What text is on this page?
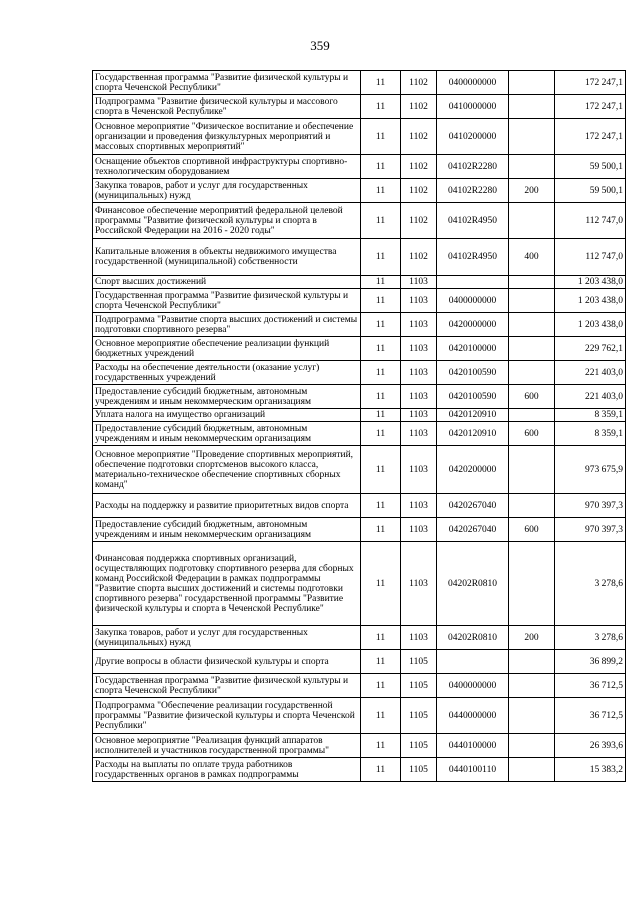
359
Государственная программа "Развитие физической культуры и спорта Чеченской Республики"	11	1102	0400000000		172 247,1
Подпрограмма "Развитие физической культуры и массового спорта в Чеченской Республике"	11	1102	0410000000		172 247,1
Основное мероприятие "Физическое воспитание и обеспечение организации и проведения физкультурных мероприятий и массовых спортивных мероприятий"	11	1102	0410200000		172 247,1
Оснащение объектов спортивной инфраструктуры спортивно-технологическим оборудованием	11	1102	04102R2280		59 500,1
Закупка товаров, работ и услуг для государственных (муниципальных) нужд	11	1102	04102R2280	200	59 500,1
Финансовое обеспечение мероприятий федеральной целевой программы "Развитие физической культуры и спорта в Российской Федерации на 2016 - 2020 годы"	11	1102	04102R4950		112 747,0
Капитальные вложения в объекты недвижимого имущества государственной (муниципальной) собственности	11	1102	04102R4950	400	112 747,0
Спорт высших достижений	11	1103			1 203 438,0
Государственная программа "Развитие физической культуры и спорта Чеченской Республики"	11	1103	0400000000		1 203 438,0
Подпрограмма "Развитие спорта высших достижений и системы подготовки спортивного резерва"	11	1103	0420000000		1 203 438,0
Основное мероприятие обеспечение реализации функций бюджетных учреждений	11	1103	0420100000		229 762,1
Расходы на обеспечение деятельности (оказание услуг) государственных учреждений	11	1103	0420100590		221 403,0
Предоставление субсидий бюджетным, автономным учреждениям и иным некоммерческим организациям	11	1103	0420100590	600	221 403,0
Уплата налога на имущество организаций	11	1103	0420120910		8 359,1
Предоставление субсидий бюджетным, автономным учреждениям и иным некоммерческим организациям	11	1103	0420120910	600	8 359,1
Основное мероприятие "Проведение спортивных мероприятий, обеспечение подготовки спортсменов высокого класса, материально-техническое обеспечение спортивных сборных команд"	11	1103	0420200000		973 675,9
Расходы на поддержку и развитие приоритетных видов спорта	11	1103	0420267040		970 397,3
Предоставление субсидий бюджетным, автономным учреждениям и иным некоммерческим организациям	11	1103	0420267040	600	970 397,3
Финансовая поддержка спортивных организаций, осуществляющих подготовку спортивного резерва для сборных команд Российской Федерации в рамках подпрограммы "Развитие спорта высших достижений и системы подготовки спортивного резерва" государственной программы "Развитие физической культуры и спорта в Чеченской Республике"	11	1103	04202R0810		3 278,6
Закупка товаров, работ и услуг для государственных (муниципальных) нужд	11	1103	04202R0810	200	3 278,6
Другие вопросы в области физической культуры и спорта	11	1105			36 899,2
Государственная программа "Развитие физической культуры и спорта Чеченской Республики"	11	1105	0400000000		36 712,5
Подпрограмма "Обеспечение реализации государственной программы "Развитие физической культуры и спорта Чеченской Республики"	11	1105	0440000000		36 712,5
Основное мероприятие "Реализация функций аппаратов исполнителей и участников государственной программы"	11	1105	0440100000		26 393,6
Расходы на выплаты по оплате труда работников государственных органов в рамках подпрограммы	11	1105	0440100110		15 383,2
